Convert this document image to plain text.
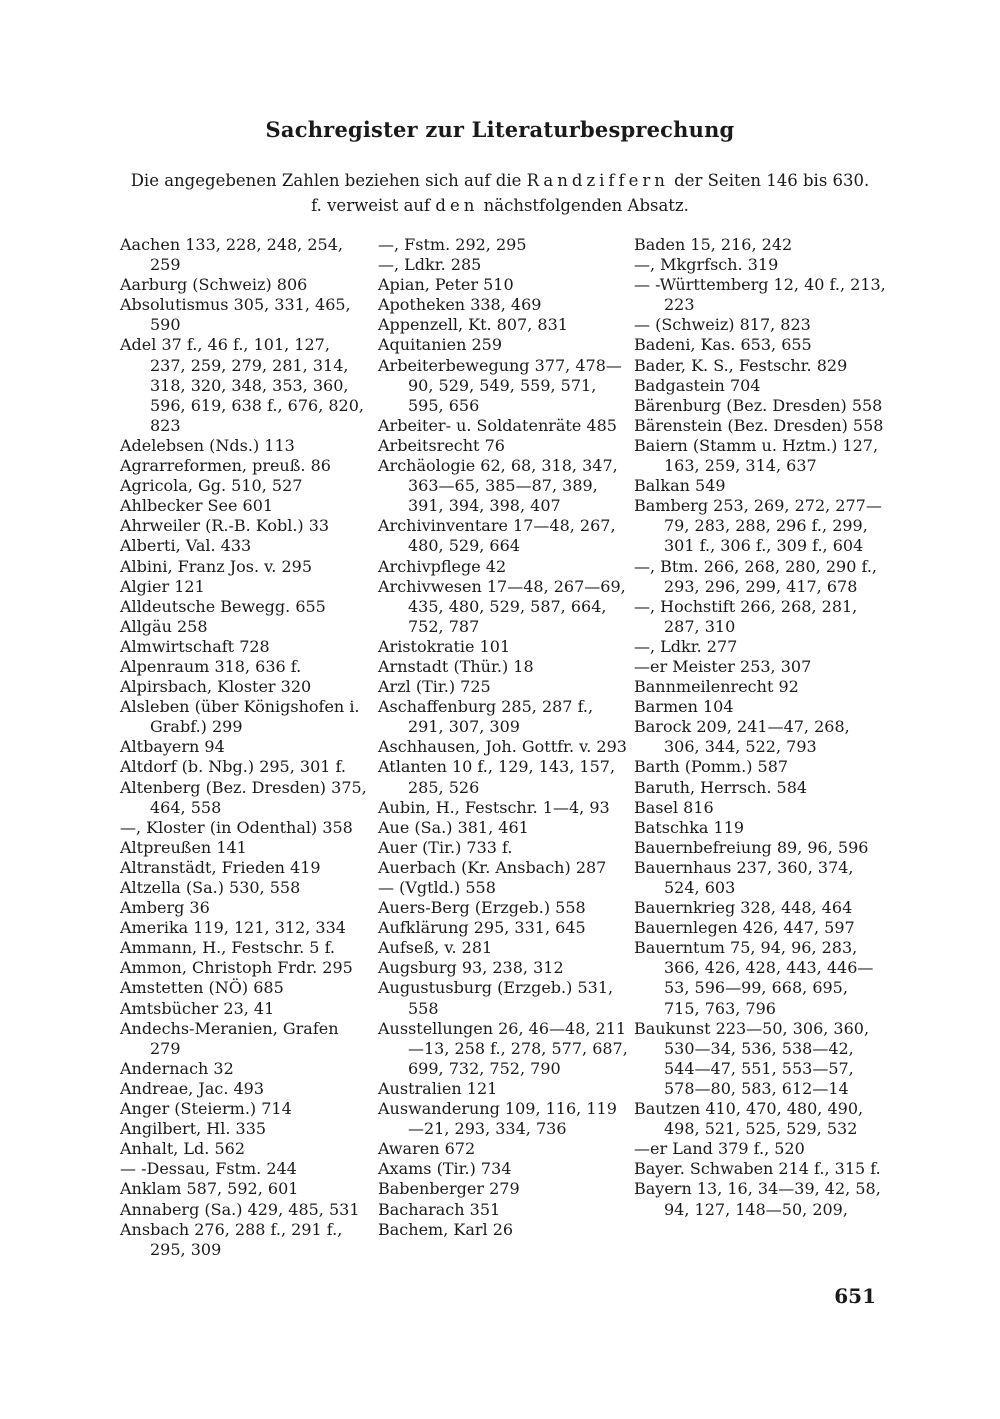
Sachregister zur Literaturbesprechung
Die angegebenen Zahlen beziehen sich auf die Randziffern der Seiten 146 bis 630.
f. verweist auf den nächstfolgenden Absatz.
Aachen 133, 228, 248, 254, 259
Aarburg (Schweiz) 806
Absolutismus 305, 331, 465, 590
Adel 37 f., 46 f., 101, 127, 237, 259, 279, 281, 314, 318, 320, 348, 353, 360, 596, 619, 638 f., 676, 820, 823
Adelebsen (Nds.) 113
Agrarreformen, preuß. 86
Agricola, Gg. 510, 527
Ahlbecker See 601
Ahrweiler (R.-B. Kobl.) 33
Alberti, Val. 433
Albini, Franz Jos. v. 295
Algier 121
Alldeutsche Bewegg. 655
Allgäu 258
Almwirtschaft 728
Alpenraum 318, 636 f.
Alpirsbach, Kloster 320
Alsleben (über Königshofen i. Grabf.) 299
Altbayern 94
Altdorf (b. Nbg.) 295, 301 f.
Altenberg (Bez. Dresden) 375, 464, 558
—, Kloster (in Odenthal) 358
Altpreußen 141
Altranstädt, Frieden 419
Altzella (Sa.) 530, 558
Amberg 36
Amerika 119, 121, 312, 334
Ammann, H., Festschr. 5 f.
Ammon, Christoph Frdr. 295
Amstetten (NÖ) 685
Amtsbücher 23, 41
Andechs-Meranien, Grafen 279
Andernach 32
Andreae, Jac. 493
Anger (Steierm.) 714
Angilbert, Hl. 335
Anhalt, Ld. 562
— -Dessau, Fstm. 244
Anklam 587, 592, 601
Annaberg (Sa.) 429, 485, 531
Ansbach 276, 288 f., 291 f., 295, 309
—, Fstm. 292, 295
—, Ldkr. 285
Apian, Peter 510
Apotheken 338, 469
Appenzell, Kt. 807, 831
Aquitanien 259
Arbeiterbewegung 377, 478—90, 529, 549, 559, 571, 595, 656
Arbeiter- u. Soldatenräte 485
Arbeitsrecht 76
Archäologie 62, 68, 318, 347, 363—65, 385—87, 389, 391, 394, 398, 407
Archivinventare 17—48, 267, 480, 529, 664
Archivpflege 42
Archivwesen 17—48, 267—69, 435, 480, 529, 587, 664, 752, 787
Aristokratie 101
Arnstadt (Thür.) 18
Arzl (Tir.) 725
Aschaffenburg 285, 287 f., 291, 307, 309
Aschhausen, Joh. Gottfr. v. 293
Atlanten 10 f., 129, 143, 157, 285, 526
Aubin, H., Festschr. 1—4, 93
Aue (Sa.) 381, 461
Auer (Tir.) 733 f.
Auerbach (Kr. Ansbach) 287
— (Vgtld.) 558
Auers-Berg (Erzgeb.) 558
Aufklärung 295, 331, 645
Aufseß, v. 281
Augsburg 93, 238, 312
Augustusburg (Erzgeb.) 531, 558
Ausstellungen 26, 46—48, 211—13, 258 f., 278, 577, 687, 699, 732, 752, 790
Australien 121
Auswanderung 109, 116, 119—21, 293, 334, 736
Awaren 672
Axams (Tir.) 734
Babenberger 279
Bacharach 351
Bachem, Karl 26
Baden 15, 216, 242
—, Mkgrfsch. 319
— -Württemberg 12, 40 f., 213, 223
— (Schweiz) 817, 823
Badeni, Kas. 653, 655
Bader, K. S., Festschr. 829
Badgastein 704
Bärenburg (Bez. Dresden) 558
Bärenstein (Bez. Dresden) 558
Baiern (Stamm u. Hztm.) 127, 163, 259, 314, 637
Balkan 549
Bamberg 253, 269, 272, 277—79, 283, 288, 296 f., 299, 301 f., 306 f., 309 f., 604
—, Btm. 266, 268, 280, 290 f., 293, 296, 299, 417, 678
—, Hochstift 266, 268, 281, 287, 310
—, Ldkr. 277
—er Meister 253, 307
Bannmeilenrecht 92
Barmen 104
Barock 209, 241—47, 268, 306, 344, 522, 793
Barth (Pomm.) 587
Baruth, Herrsch. 584
Basel 816
Batschka 119
Bauernbefreiung 89, 96, 596
Bauernhaus 237, 360, 374, 524, 603
Bauernkrieg 328, 448, 464
Bauernlegen 426, 447, 597
Bauerntum 75, 94, 96, 283, 366, 426, 428, 443, 446—53, 596—99, 668, 695, 715, 763, 796
Baukunst 223—50, 306, 360, 530—34, 536, 538—42, 544—47, 551, 553—57, 578—80, 583, 612—14
Bautzen 410, 470, 480, 490, 498, 521, 525, 529, 532
—er Land 379 f., 520
Bayer. Schwaben 214 f., 315 f.
Bayern 13, 16, 34—39, 42, 58, 94, 127, 148—50, 209,
651
